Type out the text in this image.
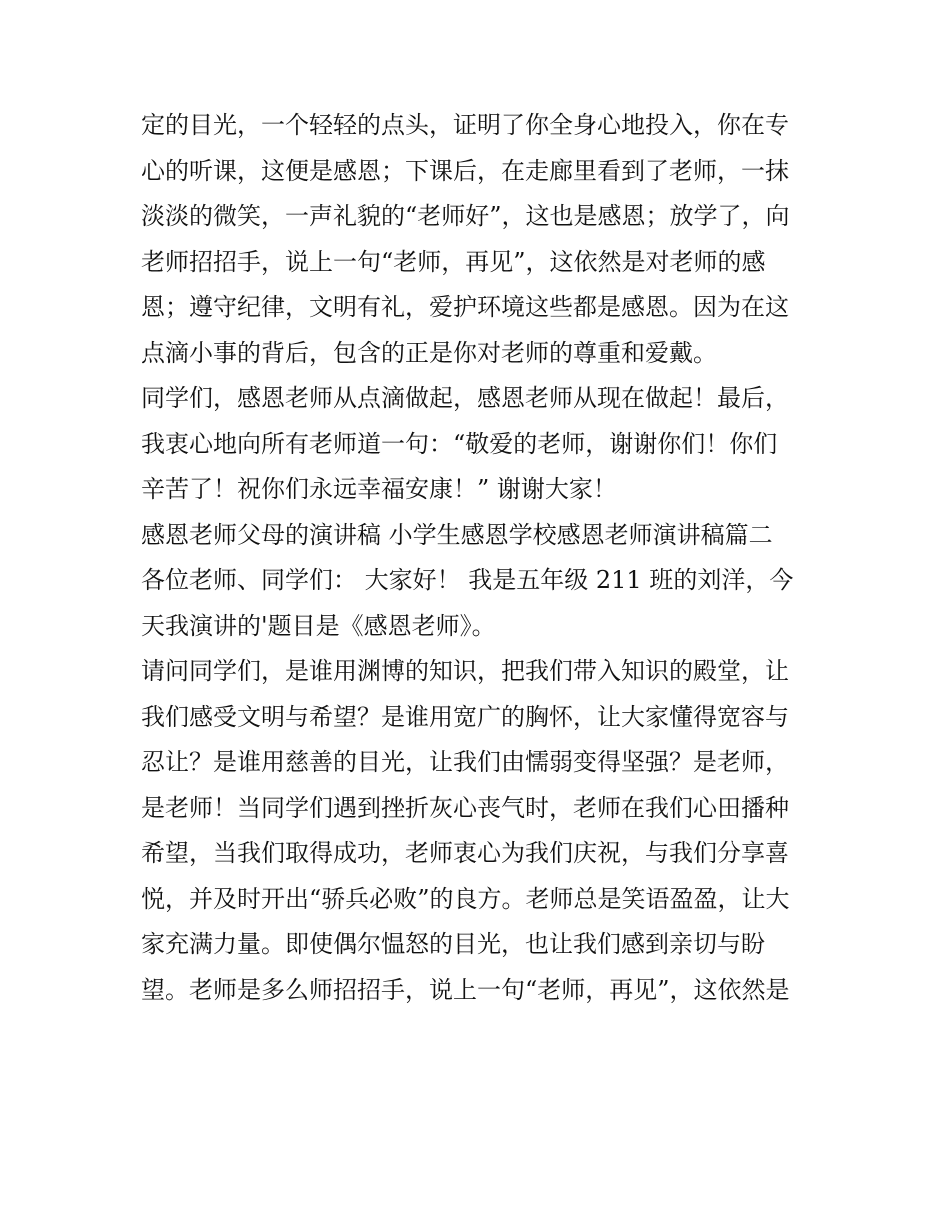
定的目光，一个轻轻的点头，证明了你全身心地投入，你在专
心的听课，这便是感恩；下课后，在走廊里看到了老师，一抹
淡淡的微笑，一声礼貌的“老师好”，这也是感恩；放学了，向
老师招招手，说上一句“老师，再见”，这依然是对老师的感
恩；遵守纪律，文明有礼，爱护环境这些都是感恩。因为在这
点滴小事的背后，包含的正是你对老师的尊重和爱戴。
同学们，感恩老师从点滴做起，感恩老师从现在做起！最后，
我衷心地向所有老师道一句：“敬爱的老师，谢谢你们！你们
辛苦了！祝你们永远幸福安康！” 谢谢大家！
感恩老师父母的演讲稿 小学生感恩学校感恩老师演讲稿篇二
各位老师、同学们： 大家好！ 我是五年级 211 班的刘洋，今
天我演讲的'题目是《感恩老师》。
请问同学们，是谁用渊博的知识，把我们带入知识的殿堂，让
我们感受文明与希望？是谁用宽广的胸怀，让大家懂得宽容与
忍让？是谁用慈善的目光，让我们由懦弱变得坚强？是老师，
是老师！当同学们遇到挫折灰心丧气时，老师在我们心田播种
希望，当我们取得成功，老师衷心为我们庆祝，与我们分享喜
悦，并及时开出“骄兵必败”的良方。老师总是笑语盈盈，让大
家充满力量。即使偶尔愠怒的目光，也让我们感到亲切与盼
望。老师是多么师招招手，说上一句“老师，再见”，这依然是
